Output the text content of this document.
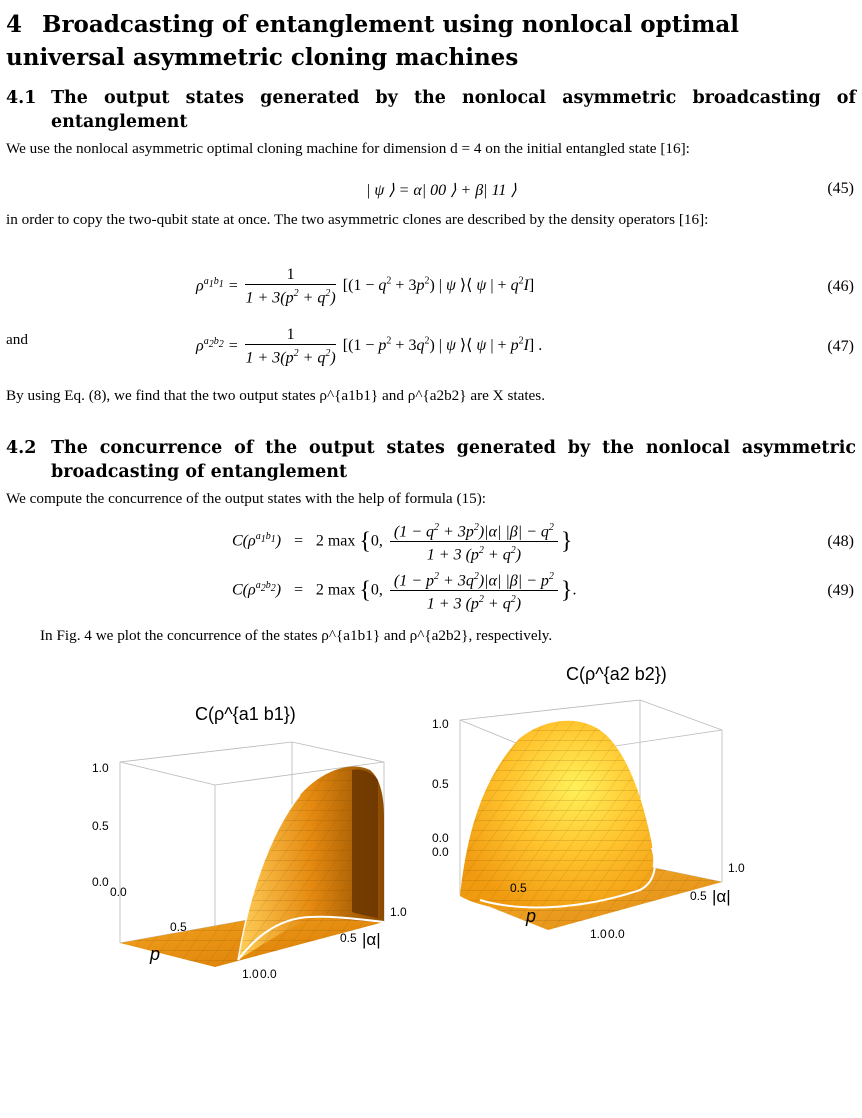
4 Broadcasting of entanglement using nonlocal optimal universal asymmetric cloning machines
4.1 The output states generated by the nonlocal asymmetric broadcasting of entanglement

We use the nonlocal asymmetric optimal cloning machine for dimension d = 4 on the initial entangled state [16]:

| ψ ⟩ = α| 00 ⟩ + β| 11 ⟩	(45)

in order to copy the two-qubit state at once. The two asymmetric clones are described by the density operators [16]:

$\rho^{a_1b_1} = \frac{1}{1 + 3(p^2 + q^2)} [(1 - q^2 + 3p^2)$ | ψ ⟩⟨ ψ | + $q^2I$]	(46)

and	$\rho^{a_2b_2} = \frac{1}{1 + 3(p^2 + q^2)} [(1 - p^2 + 3q^2)$ | ψ ⟩⟨ ψ | + $p^2I$] .	(47)

By using Eq. (8), we find that the two output states ρ^{a1b1} and ρ^{a2b2} are X states.

4.2 The concurrence of the output states generated by the nonlocal asymmetric broadcasting of entanglement

We compute the concurrence of the output states with the help of formula (15):

$C(\rho^{a_1b_1}) = 2$ max {0, $\frac{(1 - q^2 + 3p^2)|\alpha| |\beta| - q^2}{1 + 3 (p^2 + q^2)}$ }	(48)
$C(\rho^{a_2b_2}) = 2$ max {0, $\frac{(1 - p^2 + 3q^2)|\alpha| |\beta| - p^2}{1 + 3 (p^2 + q^2)}$ }.	(49)

In Fig. 4 we plot the concurrence of the states ρ^{a1b1} and ρ^{a2b2}, respectively.

1.0
0.5
0.0
0.0
0.5
1.0
p
0.0
0.5
1.0
|α|
C(ρ^{a1 b1})	1.0
0.5
0.0
0.0
0.5
1.0
p
0.0
0.5
1.0
|α|
C(ρ^{a2 b2})
